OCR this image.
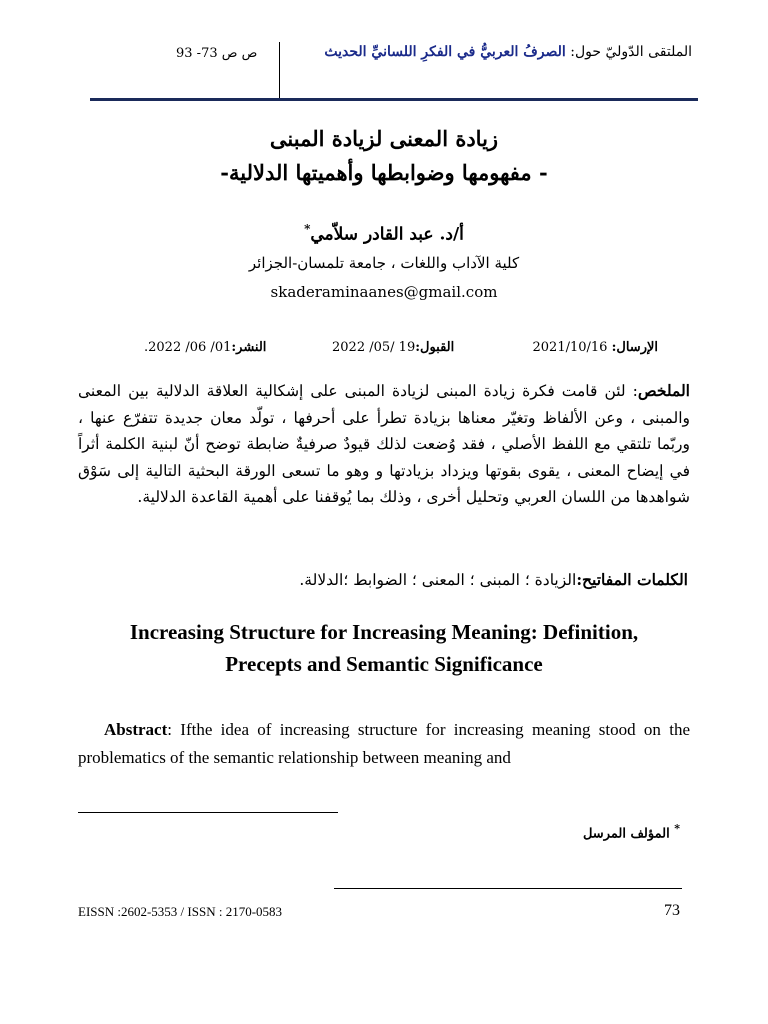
الملتقى الدّوليّ حول: الصرفُ العربيُّ في الفكرِ اللسانيِّ الحديث
ص ص 73- 93
زيادة المعنى لزيادة المبنى
- مفهومها وضوابطها وأهميتها الدلالية-
أ/د. عبد القادر سلاّمي*
كلية الآداب واللغات ، جامعة تلمسان-الجزائر
skaderaminaanes@gmail.com
الإرسال: 2021/10/16
القبول:19 /05/ 2022
النشر:01/ 06/ 2022.
الملخص: لئن قامت فكرة زيادة المبنى لزيادة المبنى على إشكالية العلاقة الدلالية بين المعنى والمبنى ، وعن الألفاظ وتغيّر معناها بزيادة تطرأ على أحرفها ، تولّد معان جديدة تتفرّع عنها ، وربّما تلتقي مع اللفظ الأصلي ، فقد وُضعت لذلك قيودٌ صرفيةٌ ضابطة توضح أنّ لبنية الكلمة أثراً في إيضاح المعنى ، يقوى بقوتها ويزداد بزيادتها و وهو ما تسعى الورقة البحثية التالية إلى سَوْق شواهدها من اللسان العربي وتحليل أخرى ، وذلك بما يُوقفنا على أهمية القاعدة الدلالية.
الكلمات المفاتيح:الزيادة ؛ المبنى ؛ المعنى ؛ الضوابط ؛الدلالة.
Increasing Structure for Increasing Meaning: Definition,
Precepts and Semantic Significance
Abstract: Ifthe idea of increasing structure for increasing meaning stood on the problematics of the semantic relationship between meaning and
* المؤلف المرسل
EISSN :2602-5353 / ISSN : 2170-0583	73
